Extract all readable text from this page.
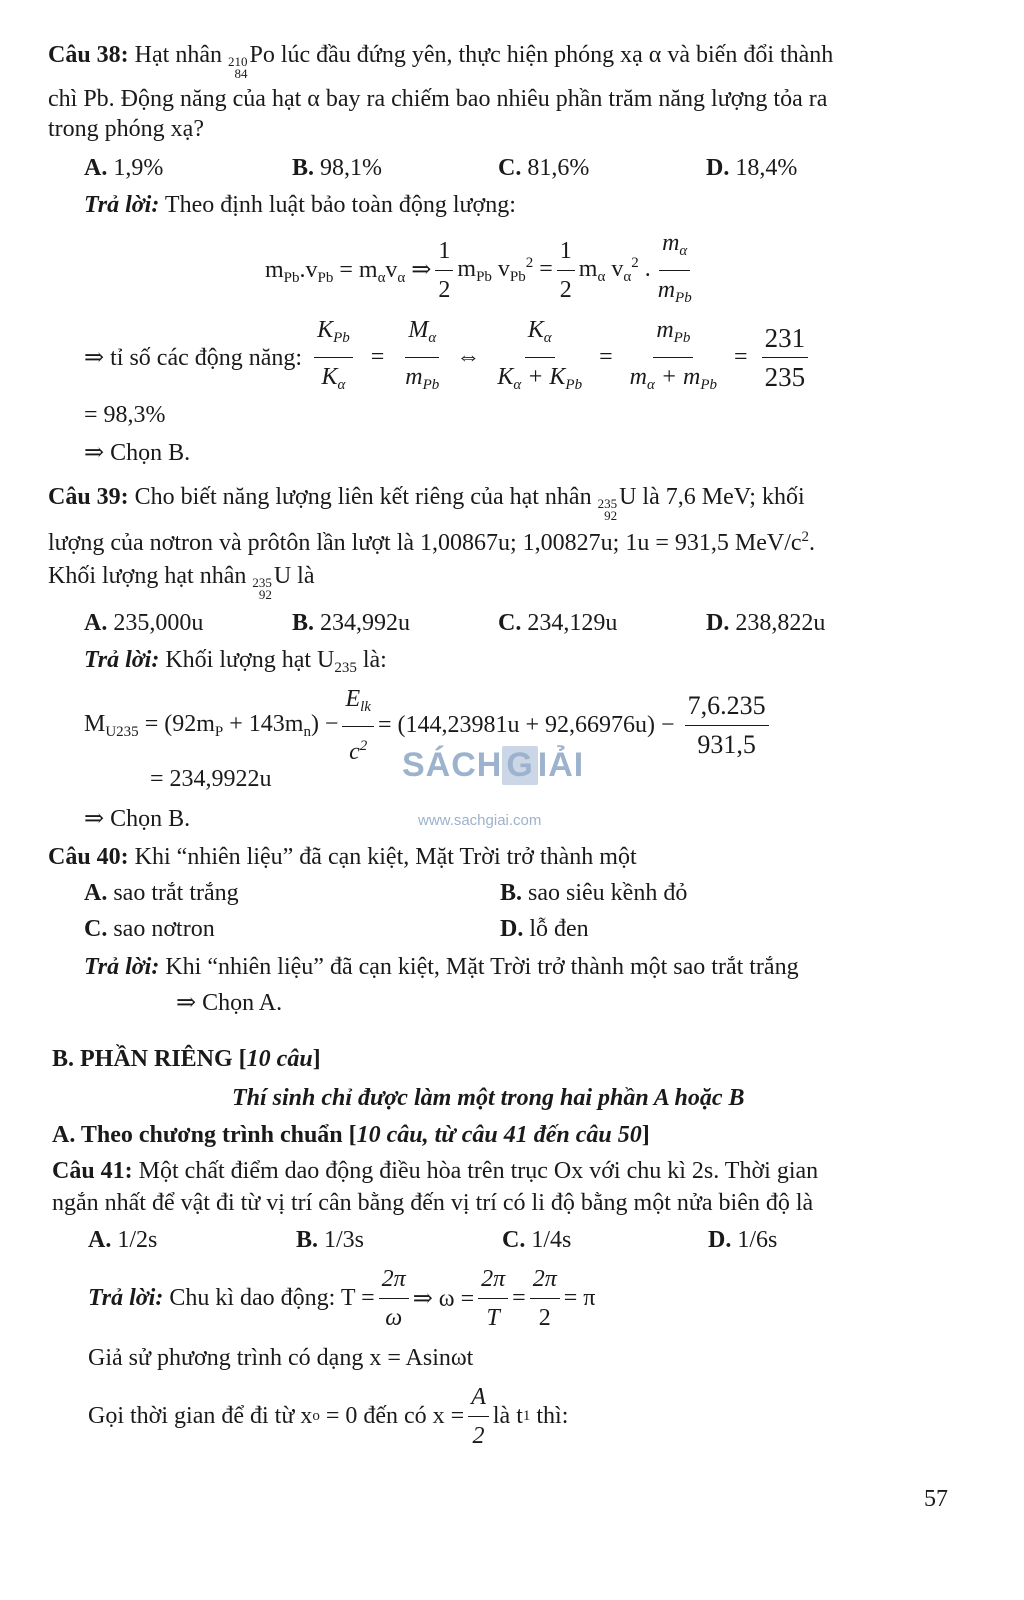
Câu 38: Hạt nhân 210
84
Po lúc đầu đứng yên, thực hiện phóng xạ α và biến đổi thành
chì Pb. Động năng của hạt α bay ra chiếm bao nhiêu phần trăm năng lượng tỏa ra
trong phóng xạ?
A. 1,9%	B. 98,1%	C. 81,6%	D. 18,4%
Trả lời: Theo định luật bảo toàn động lượng:
$m_{Pb}.v_{Pb} = m_\alpha v_\alpha$ ⇒ $\frac{1}{2} m_{Pb}$ $v_{Pb}^2 = \frac{1}{2} m_\alpha$ $v_\alpha^2$ . $\frac{m_\alpha}{m_{Pb}}$
⇒ tỉ số các động năng: $\frac{K_{Pb}}{K_\alpha} = \frac{M_\alpha}{m_{Pb}}$ ⇔ $\frac{K_\alpha}{K_\alpha + K_{Pb}} = \frac{m_{Pb}}{m_\alpha + m_{Pb}} = \frac{231}{235}$
= 98,3%
⇒ Chọn B.
Câu 39: Cho biết năng lượng liên kết riêng của hạt nhân 235
92
U là 7,6 MeV; khối
lượng của nơtron và prôtôn lần lượt là 1,00867u; 1,00827u; 1u = 931,5 MeV/$c^2$.
Khối lượng hạt nhân 235
92
U là
A. 235,000u	B. 234,992u	C. 234,129u	D. 238,822u
Trả lời: Khối lượng hạt $U_{235}$ là:
$M_{U235} = (92m_P + 143m_n) - \frac{E_{lk}}{c^2} = (144,23981u + 92,66976u) - \frac{7,6.235}{931,5}$
= 234,9922u
⇒ Chọn B.
SÁCH G IẢI
www.sachgiai.com
Câu 40: Khi “nhiên liệu” đã cạn kiệt, Mặt Trời trở thành một
A. sao trắt trắng	B. sao siêu kềnh đỏ
C. sao nơtron	D. lỗ đen
Trả lời: Khi “nhiên liệu” đã cạn kiệt, Mặt Trời trở thành một sao trắt trắng
⇒ Chọn A.
B. PHẦN RIÊNG [10 câu]
Thí sinh chỉ được làm một trong hai phần A hoặc B
A. Theo chương trình chuẩn [10 câu, từ câu 41 đến câu 50]
Câu 41: Một chất điểm dao động điều hòa trên trục Ox với chu kì 2s. Thời gian
ngắn nhất để vật đi từ vị trí cân bằng đến vị trí có li độ bằng một nửa biên độ là
A. 1/2s	B. 1/3s	C. 1/4s	D. 1/6s
Trả lời:
Chu kì dao động: $T = \frac{2\pi}{\omega}$ ⇒ $\omega = \frac{2\pi}{T} = \frac{2\pi}{2} = \pi$
Giả sử phương trình có dạng x = Asinωt
Gọi thời gian để đi từ x o
= 0 đến có $x = \frac{A}{2}$ là t 1
thì:
57
